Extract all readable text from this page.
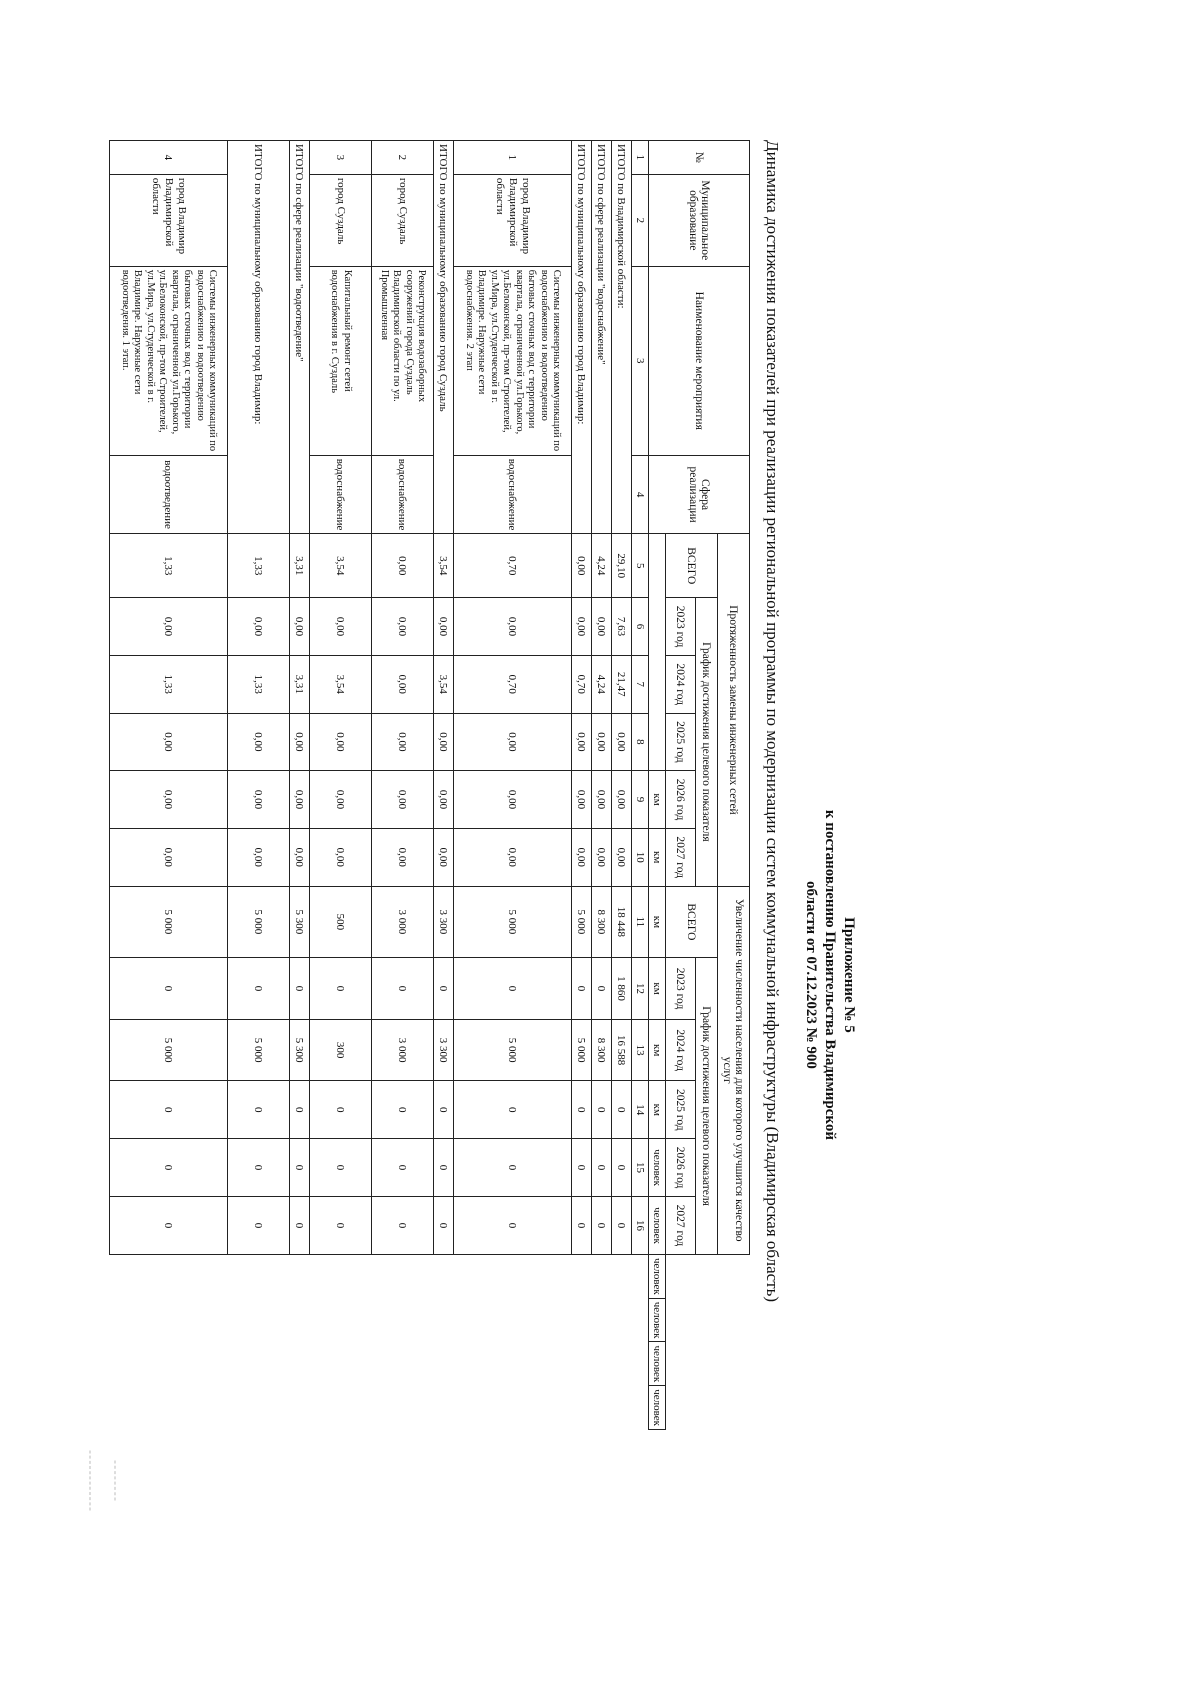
Приложение № 5
к постановлению Правительства Владимирской
области от 07.12.2023 № 900
Динамика достижения показателей при реализации региональной программы по модернизации систем коммунальной инфраструктуры (Владимирская область)
№	Муниципальное образование	Наименование мероприятия	Сфера реализации	Протяженность замены инженерных сетей						Увеличение численности населения для которого улучшится качество услуг									
				ВСЕГО	График достижения целевого показателя					ВСЕГО	График достижения целевого показателя								
					2023 год	2024 год	2025 год	2026 год	2027 год		2023 год	2024 год	2025 год	2026 год	2027 год				
								км	км	км	км	км	км	человек	человек	человек	человек	человек	человек
1	2	3	4	5	6	7	8	9	10	11	12	13	14	15	16				
ИТОГО по Владимирской области:				29,10	7,63	21,47	0,00	0,00	0,00	18 448	1 860	16 588	0	0	0				
ИТОГО по сфере реализации "водоснабжение"				4,24	0,00	4,24	0,00	0,00	0,00	8 300	0	8 300	0	0	0				
ИТОГО по муниципальному образованию город Владимир:				0,00	0,00	0,70	0,00	0,00	0,00	5 000	0	5 000	0	0	0				
1	город Владимир Владимирской области	Системы инженерных коммуникаций по водоснабжению и водоотведению бытовых сточных вод с территории квартала, ограниченной ул.Горького, ул.Белоконской, пр-том Строителей, ул.Мира, ул.Студенческой в г. Владимире. Наружные сети водоснабжения. 2 этап	водоснабжение	0,70	0,00	0,70	0,00	0,00	0,00	5 000	0	5 000	0	0	0				
ИТОГО по муниципальному образованию город Суздаль				3,54	0,00	3,54	0,00	0,00	0,00	3 300	0	3 300	0	0	0				
2	город Суздаль	Реконструкция водозаборных сооружений города Суздаль Владимирской области по ул. Промышленная	водоснабжение	0,00	0,00	0,00	0,00	0,00	0,00	3 000	0	3 000	0	0	0				
3	город Суздаль	Капитальный ремонт сетей водоснабжения в г. Суздаль	водоснабжение	3,54	0,00	3,54	0,00	0,00	0,00	500	0	300	0	0	0				
ИТОГО по сфере реализации "водоотведение"				3,31	0,00	3,31	0,00	0,00	0,00	5 300	0	5 300	0	0	0				
ИТОГО по муниципальному образованию город Владимир:				1,33	0,00	1,33	0,00	0,00	0,00	5 000	0	5 000	0	0	0				
4	город Владимир Владимирской области	Системы инженерных коммуникаций по водоснабжению и водоотведению бытовых сточных вод с территории квартала, ограниченной ул.Горького, ул.Белоконской, пр-том Строителей, ул.Мира, ул.Студенческой в г. Владимире. Наружные сети водоотведения. 1 этап.	водоотведение	1,33	0,00	1,33	0,00	0,00	0,00	5 000	0	5 000	0	0	0				
